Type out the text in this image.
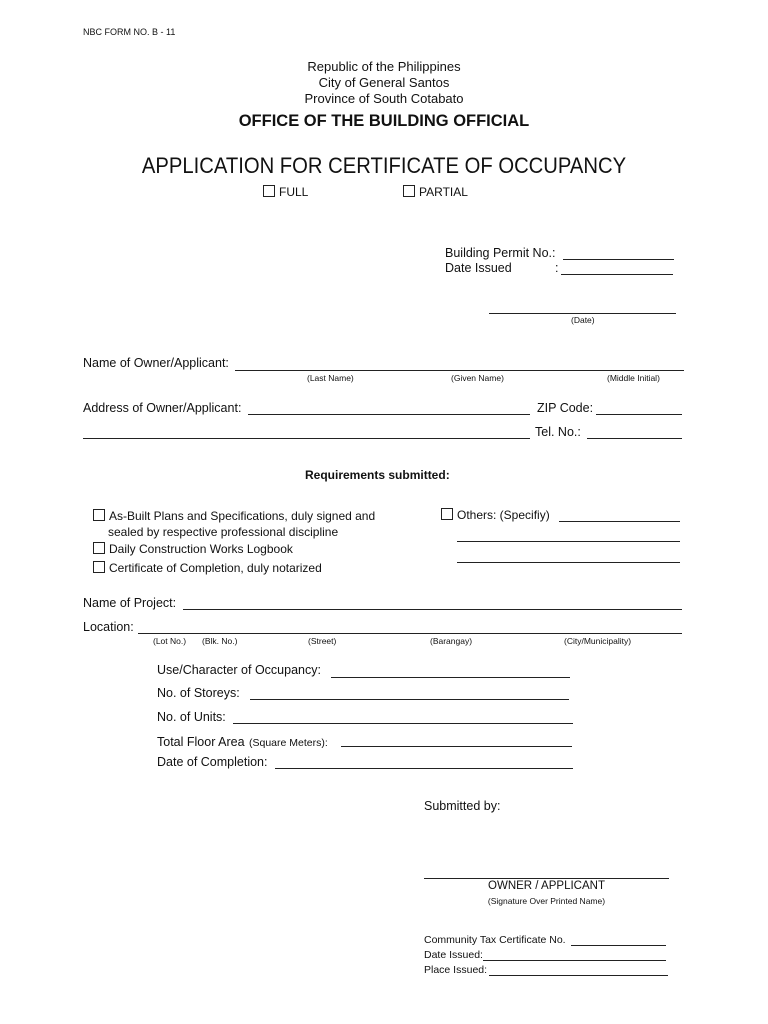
NBC FORM NO. B - 11
Republic of the Philippines
City of General Santos
Province of South Cotabato
OFFICE OF THE BUILDING OFFICIAL
APPLICATION FOR CERTIFICATE OF OCCUPANCY
FULL	PARTIAL
Building Permit No.:
Date Issued	:
(Date)
Name of Owner/Applicant:
(Last Name)	(Given Name)	(Middle Initial)
Address of Owner/Applicant:	ZIP Code:
Tel. No.:
Requirements submitted:
As-Built Plans and Specifications, duly signed and
sealed by respective professional discipline
Daily Construction Works Logbook
Certificate of Completion, duly notarized
Others: (Specifiy)
Name of Project:
Location:
(Lot No.) (Blk. No.)	(Street)	(Barangay)	(City/Municipality)
Use/Character of Occupancy:
No. of Storeys:
No. of Units:
Total Floor Area (Square Meters):
Date of Completion:
Submitted by:
OWNER / APPLICANT
(Signature Over Printed Name)
Community Tax Certificate No.
Date Issued:
Place Issued:
